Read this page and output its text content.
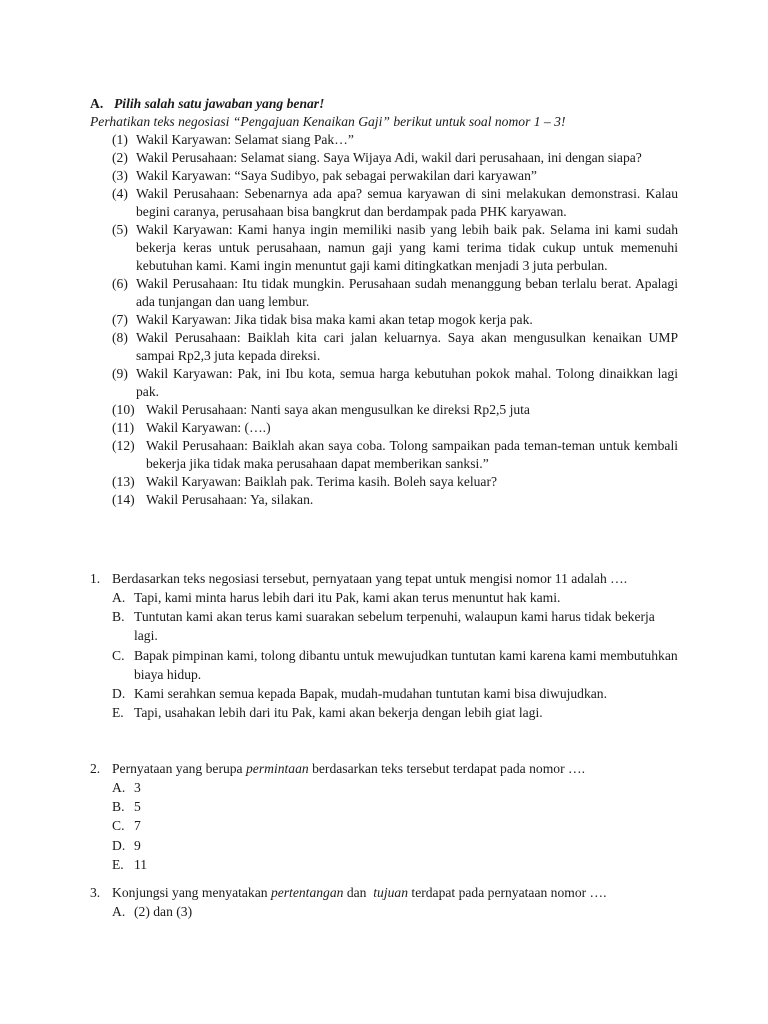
A. Pilih salah satu jawaban yang benar!
Perhatikan teks negosiasi “Pengajuan Kenaikan Gaji” berikut untuk soal nomor 1 – 3!
(1) Wakil Karyawan: Selamat siang Pak…”
(2) Wakil Perusahaan: Selamat siang. Saya Wijaya Adi, wakil dari perusahaan, ini dengan siapa?
(3) Wakil Karyawan: “Saya Sudibyo, pak sebagai perwakilan dari karyawan”
(4) Wakil Perusahaan: Sebenarnya ada apa? semua karyawan di sini melakukan demonstrasi. Kalau begini caranya, perusahaan bisa bangkrut dan berdampak pada PHK karyawan.
(5) Wakil Karyawan: Kami hanya ingin memiliki nasib yang lebih baik pak. Selama ini kami sudah bekerja keras untuk perusahaan, namun gaji yang kami terima tidak cukup untuk memenuhi kebutuhan kami. Kami ingin menuntut gaji kami ditingkatkan menjadi 3 juta perbulan.
(6) Wakil Perusahaan: Itu tidak mungkin. Perusahaan sudah menanggung beban terlalu berat. Apalagi ada tunjangan dan uang lembur.
(7) Wakil Karyawan: Jika tidak bisa maka kami akan tetap mogok kerja pak.
(8) Wakil Perusahaan: Baiklah kita cari jalan keluarnya. Saya akan mengusulkan kenaikan UMP sampai Rp2,3 juta kepada direksi.
(9) Wakil Karyawan: Pak, ini Ibu kota, semua harga kebutuhan pokok mahal. Tolong dinaikkan lagi pak.
(10) Wakil Perusahaan: Nanti saya akan mengusulkan ke direksi Rp2,5 juta
(11) Wakil Karyawan: (….)
(12) Wakil Perusahaan: Baiklah akan saya coba. Tolong sampaikan pada teman-teman untuk kembali bekerja jika tidak maka perusahaan dapat memberikan sanksi.”
(13) Wakil Karyawan: Baiklah pak. Terima kasih. Boleh saya keluar?
(14) Wakil Perusahaan: Ya, silakan.
1. Berdasarkan teks negosiasi tersebut, pernyataan yang tepat untuk mengisi nomor 11 adalah ….
A. Tapi, kami minta harus lebih dari itu Pak, kami akan terus menuntut hak kami.
B. Tuntutan kami akan terus kami suarakan sebelum terpenuhi, walaupun kami harus tidak bekerja lagi.
C. Bapak pimpinan kami, tolong dibantu untuk mewujudkan tuntutan kami karena kami membutuhkan biaya hidup.
D. Kami serahkan semua kepada Bapak, mudah-mudahan tuntutan kami bisa diwujudkan.
E. Tapi, usahakan lebih dari itu Pak, kami akan bekerja dengan lebih giat lagi.
2. Pernyataan yang berupa permintaan berdasarkan teks tersebut terdapat pada nomor ….
A. 3
B. 5
C. 7
D. 9
E. 11
3. Konjungsi yang menyatakan pertentangan dan  tujuan terdapat pada pernyataan nomor ….
A. (2) dan (3)
